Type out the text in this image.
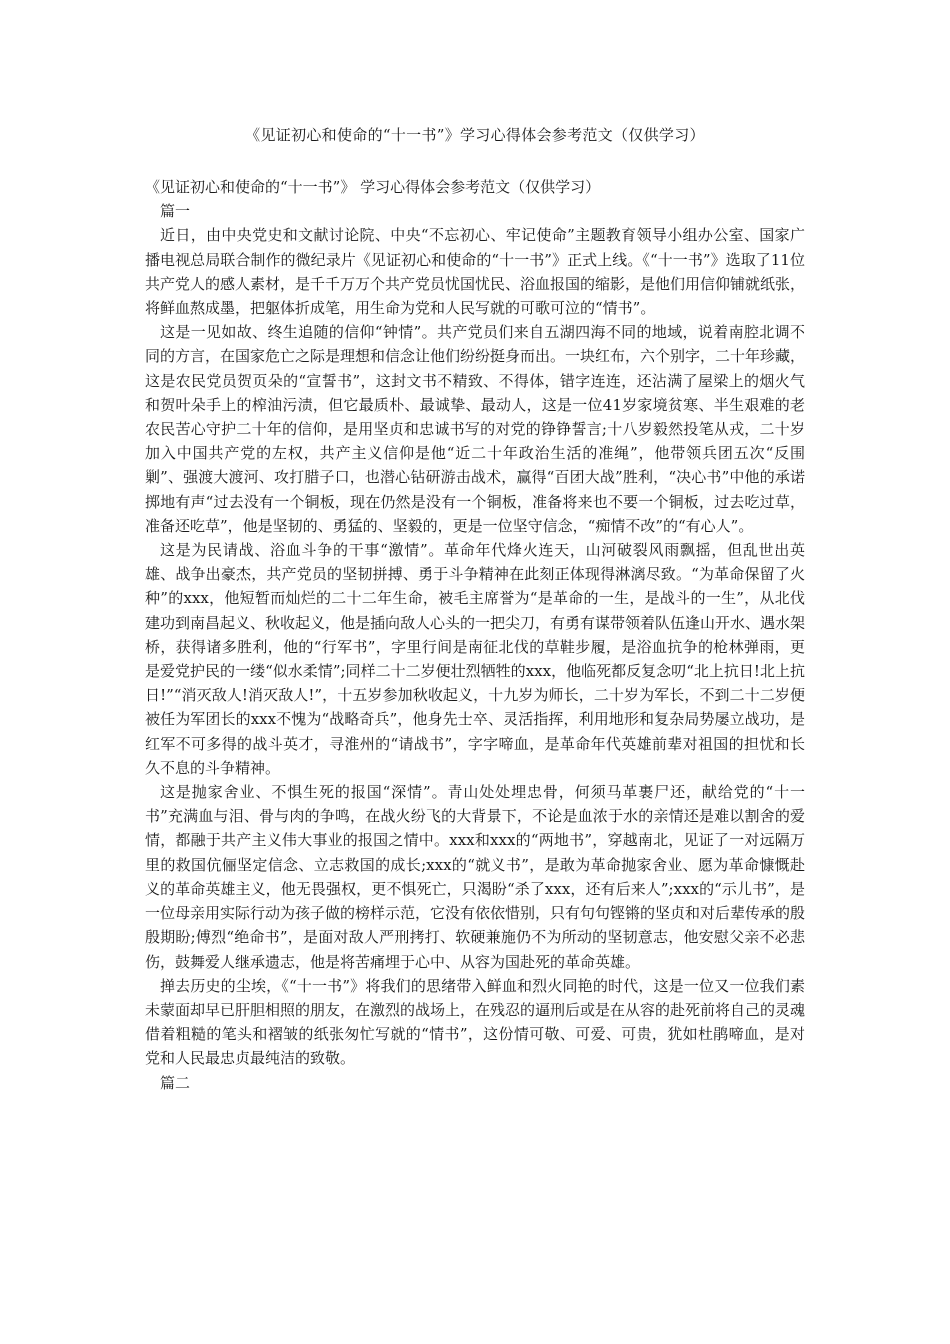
《见证初心和使命的“十一书”》学习心得体会参考范文（仅供学习）

《见证初心和使命的“十一书”》 学习心得体会参考范文（仅供学习）

篇一

近日，由中央党史和文献讨论院、中央“不忘初心、牢记使命”主题教育领导小组办公室、国家广播电视总局联合制作的微纪录片《见证初心和使命的“十一书”》正式上线。《“十一书”》选取了11位共产党人的感人素材，是千千万万个共产党员忧国忧民、浴血报国的缩影，是他们用信仰铺就纸张，将鲜血熬成墨，把躯体折成笔，用生命为党和人民写就的可歌可泣的“情书”。

这是一见如故、终生追随的信仰“钟情”。共产党员们来自五湖四海不同的地域，说着南腔北调不同的方言，在国家危亡之际是理想和信念让他们纷纷挺身而出。一块红布，六个别字，二十年珍藏，这是农民党员贺页朵的“宣誓书”，这封文书不精致、不得体，错字连连，还沾满了屋梁上的烟火气和贺叶朵手上的榨油污渍，但它最质朴、最诚挚、最动人，这是一位41岁家境贫寒、半生艰难的老农民苦心守护二十年的信仰，是用坚贞和忠诚书写的对党的铮铮誓言;十八岁毅然投笔从戎，二十岁加入中国共产党的左权，共产主义信仰是他“近二十年政治生活的准绳”，他带领兵团五次“反围剿”、强渡大渡河、攻打腊子口，也潜心钻研游击战术，赢得“百团大战”胜利，“决心书”中他的承诺掷地有声“过去没有一个铜板，现在仍然是没有一个铜板，准备将来也不要一个铜板，过去吃过草，准备还吃草”，他是坚韧的、勇猛的、坚毅的，更是一位坚守信念，“痴情不改”的“有心人”。

这是为民请战、浴血斗争的干事“激情”。革命年代烽火连天，山河破裂风雨飘摇，但乱世出英雄、战争出豪杰，共产党员的坚韧拼搏、勇于斗争精神在此刻正体现得淋漓尽致。“为革命保留了火种”的xxx，他短暂而灿烂的二十二年生命，被毛主席誉为“是革命的一生，是战斗的一生”，从北伐建功到南昌起义、秋收起义，他是插向敌人心头的一把尖刀，有勇有谋带领着队伍逢山开水、遇水架桥，获得诸多胜利，他的“行军书”，字里行间是南征北伐的草鞋步履，是浴血抗争的枪林弹雨，更是爱党护民的一缕“似水柔情”;同样二十二岁便壮烈牺牲的xxx，他临死都反复念叨“北上抗日!北上抗日!”“消灭敌人!消灭敌人!”，十五岁参加秋收起义，十九岁为师长，二十岁为军长，不到二十二岁便被任为军团长的xxx不愧为“战略奇兵”，他身先士卒、灵活指挥，利用地形和复杂局势屡立战功，是红军不可多得的战斗英才，寻淮州的“请战书”，字字啼血，是革命年代英雄前辈对祖国的担忧和长久不息的斗争精神。

这是抛家舍业、不惧生死的报国“深情”。青山处处埋忠骨，何须马革裹尸还，献给党的“十一书”充满血与泪、骨与肉的争鸣，在战火纷飞的大背景下，不论是血浓于水的亲情还是难以割舍的爱情，都融于共产主义伟大事业的报国之情中。xxx和xxx的“两地书”，穿越南北，见证了一对远隔万里的救国伉俪坚定信念、立志救国的成长;xxx的“就义书”，是敢为革命抛家舍业、愿为革命慷慨赴义的革命英雄主义，他无畏强权，更不惧死亡，只渴盼“杀了xxx，还有后来人”;xxx的“示儿书”，是一位母亲用实际行动为孩子做的榜样示范，它没有依依惜别，只有句句铿锵的坚贞和对后辈传承的殷殷期盼;傅烈“绝命书”，是面对敌人严刑拷打、软硬兼施仍不为所动的坚韧意志，他安慰父亲不必悲伤，鼓舞爱人继承遗志，他是将苦痛埋于心中、从容为国赴死的革命英雄。

掸去历史的尘埃，《“十一书”》将我们的思绪带入鲜血和烈火同艳的时代，这是一位又一位我们素未蒙面却早已肝胆相照的朋友，在激烈的战场上，在残忍的逼刑后或是在从容的赴死前将自己的灵魂借着粗糙的笔头和褶皱的纸张匆忙写就的“情书”，这份情可敬、可爱、可贵，犹如杜鹃啼血，是对党和人民最忠贞最纯洁的致敬。

篇二
